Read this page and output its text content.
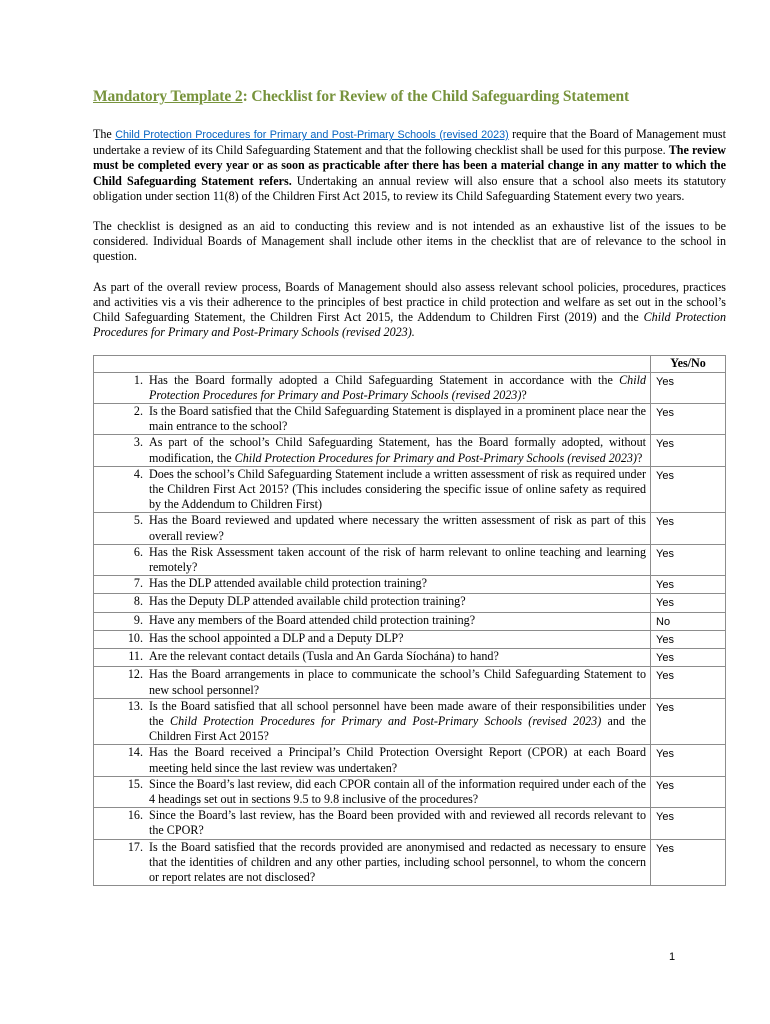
Mandatory Template 2: Checklist for Review of the Child Safeguarding Statement

The Child Protection Procedures for Primary and Post-Primary Schools (revised 2023) require that the Board of Management must undertake a review of its Child Safeguarding Statement and that the following checklist shall be used for this purpose. The review must be completed every year or as soon as practicable after there has been a material change in any matter to which the Child Safeguarding Statement refers. Undertaking an annual review will also ensure that a school also meets its statutory obligation under section 11(8) of the Children First Act 2015, to review its Child Safeguarding Statement every two years.

The checklist is designed as an aid to conducting this review and is not intended as an exhaustive list of the issues to be considered. Individual Boards of Management shall include other items in the checklist that are of relevance to the school in question.

As part of the overall review process, Boards of Management should also assess relevant school policies, procedures, practices and activities vis a vis their adherence to the principles of best practice in child protection and welfare as set out in the school’s Child Safeguarding Statement, the Children First Act 2015, the Addendum to Children First (2019) and the Child Protection Procedures for Primary and Post-Primary Schools (revised 2023).

	Yes/No

1. Has the Board formally adopted a Child Safeguarding Statement in accordance with the Child Protection Procedures for Primary and Post-Primary Schools (revised 2023)?	Yes

2. Is the Board satisfied that the Child Safeguarding Statement is displayed in a prominent place near the main entrance to the school?	Yes

3. As part of the school’s Child Safeguarding Statement, has the Board formally adopted, without modification, the Child Protection Procedures for Primary and Post-Primary Schools (revised 2023)?	Yes

4. Does the school’s Child Safeguarding Statement include a written assessment of risk as required under the Children First Act 2015? (This includes considering the specific issue of online safety as required by the Addendum to Children First)	Yes

5. Has the Board reviewed and updated where necessary the written assessment of risk as part of this overall review?	Yes

6. Has the Risk Assessment taken account of the risk of harm relevant to online teaching and learning remotely?	Yes

7. Has the DLP attended available child protection training?	Yes

8. Has the Deputy DLP attended available child protection training?	Yes

9. Have any members of the Board attended child protection training?	No

10. Has the school appointed a DLP and a Deputy DLP?	Yes

11. Are the relevant contact details (Tusla and An Garda Síochána) to hand?	Yes

12. Has the Board arrangements in place to communicate the school’s Child Safeguarding Statement to new school personnel?	Yes

13. Is the Board satisfied that all school personnel have been made aware of their responsibilities under the Child Protection Procedures for Primary and Post-Primary Schools (revised 2023) and the Children First Act 2015?	Yes

14. Has the Board received a Principal’s Child Protection Oversight Report (CPOR) at each Board meeting held since the last review was undertaken?	Yes

15. Since the Board’s last review, did each CPOR contain all of the information required under each of the 4 headings set out in sections 9.5 to 9.8 inclusive of the procedures?	Yes

16. Since the Board’s last review, has the Board been provided with and reviewed all records relevant to the CPOR?	Yes

17. Is the Board satisfied that the records provided are anonymised and redacted as necessary to ensure that the identities of children and any other parties, including school personnel, to whom the concern or report relates are not disclosed?	Yes
1
